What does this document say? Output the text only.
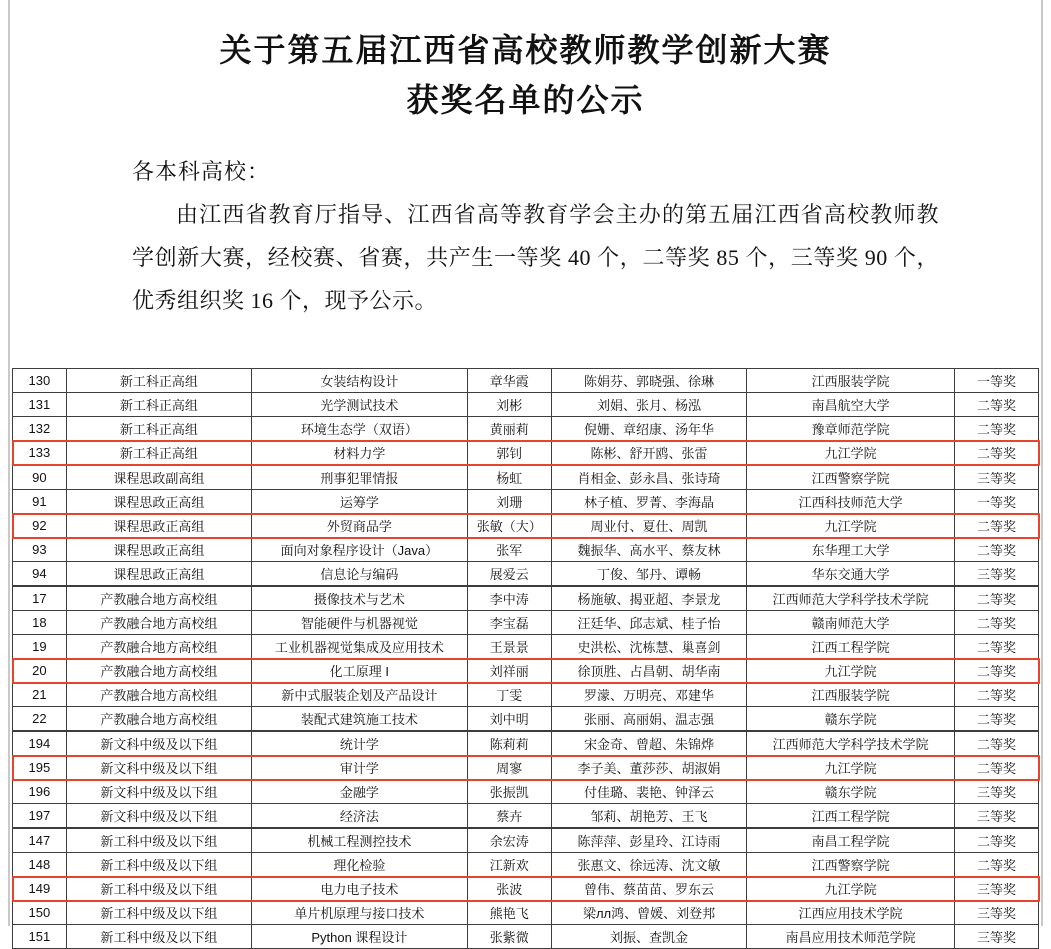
关于第五届江西省高校教师教学创新大赛
获奖名单的公示
各本科高校：
由江西省教育厅指导、江西省高等教育学会主办的第五届江西省高校教师教学创新大赛，经校赛、省赛，共产生一等奖 40 个，二等奖 85 个，三等奖 90 个，优秀组织奖 16 个，现予公示。
130	新工科正高组	女装结构设计	章华霞	陈娟芬、郭晓强、徐琳	江西服装学院	一等奖
131	新工科正高组	光学测试技术	刘彬	刘娟、张月、杨泓	南昌航空大学	二等奖
132	新工科正高组	环境生态学（双语）	黄丽莉	倪姗、章绍康、汤年华	豫章师范学院	二等奖
133	新工科正高组	材料力学	郭钊	陈彬、舒开鸥、张雷	九江学院	二等奖
90	课程思政副高组	刑事犯罪情报	杨虹	肖相金、彭永昌、张诗琦	江西警察学院	三等奖
91	课程思政正高组	运筹学	刘珊	林子植、罗菁、李海晶	江西科技师范大学	一等奖
92	课程思政正高组	外贸商品学	张敏（大）	周业付、夏仕、周凯	九江学院	二等奖
93	课程思政正高组	面向对象程序设计（Java）	张军	魏振华、高水平、蔡友林	东华理工大学	二等奖
94	课程思政正高组	信息论与编码	展爱云	丁俊、邹丹、谭畅	华东交通大学	三等奖
17	产教融合地方高校组	摄像技术与艺术	李中涛	杨施敏、揭亚超、李景龙	江西师范大学科学技术学院	二等奖
18	产教融合地方高校组	智能硬件与机器视觉	李宝磊	汪廷华、邱志斌、桂子怡	赣南师范大学	二等奖
19	产教融合地方高校组	工业机器视觉集成及应用技术	王景景	史洪松、沈栋慧、巢喜剑	江西工程学院	二等奖
20	产教融合地方高校组	化工原理 I	刘祥丽	徐顶胜、占昌朝、胡华南	九江学院	二等奖
21	产教融合地方高校组	新中式服装企划及产品设计	丁雯	罗濛、万明亮、邓建华	江西服装学院	二等奖
22	产教融合地方高校组	装配式建筑施工技术	刘中明	张丽、高丽娟、温志强	赣东学院	二等奖
194	新文科中级及以下组	统计学	陈莉莉	宋金奇、曾超、朱锦烨	江西师范大学科学技术学院	二等奖
195	新文科中级及以下组	审计学	周寥	李子美、董莎莎、胡淑娟	九江学院	二等奖
196	新文科中级及以下组	金融学	张振凯	付佳璐、裴艳、钟泽云	赣东学院	三等奖
197	新文科中级及以下组	经济法	蔡卉	邹莉、胡艳芳、王飞	江西工程学院	三等奖
147	新工科中级及以下组	机械工程测控技术	余宏涛	陈萍萍、彭星玲、江诗雨	南昌工程学院	二等奖
148	新工科中级及以下组	理化检验	江新欢	张惠文、徐远涛、沈文敏	江西警察学院	二等奖
149	新工科中级及以下组	电力电子技术	张波	曾伟、蔡苗苗、罗东云	九江学院	三等奖
150	新工科中级及以下组	单片机原理与接口技术	熊艳飞	梁лл鸿、曾媛、刘登邦	江西应用技术学院	三等奖
151	新工科中级及以下组	Python 课程设计	张紫微	刘振、查凯金	南昌应用技术师范学院	三等奖
